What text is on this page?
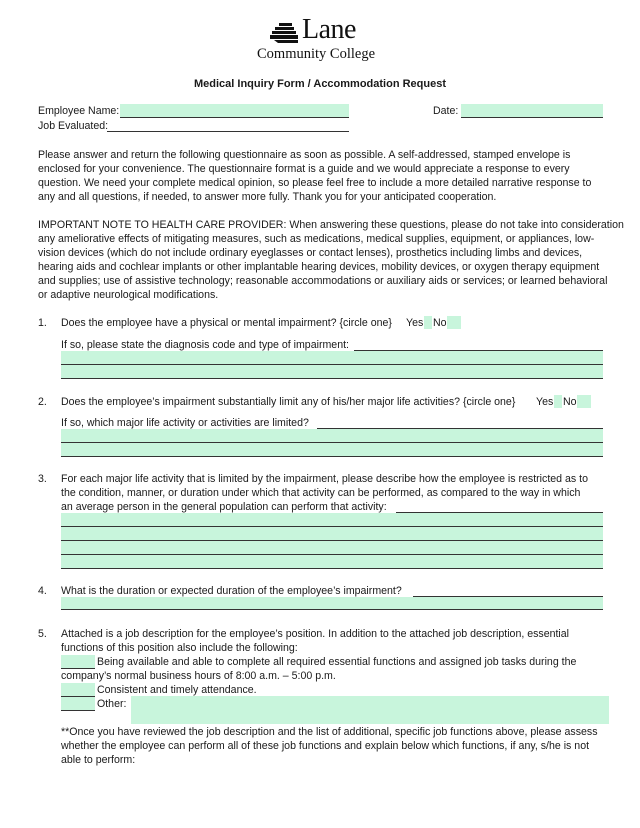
Lane
Community College
Medical Inquiry Form / Accommodation Request
Employee Name:
Job Evaluated:
Date:
Please answer and return the following questionnaire as soon as possible. A self-addressed, stamped envelope is
enclosed for your convenience. The questionnaire format is a guide and we would appreciate a response to every
question. We need your complete medical opinion, so please feel free to include a more detailed narrative response to
any and all questions, if needed, to answer more fully. Thank you for your anticipated cooperation.
IMPORTANT NOTE TO HEALTH CARE PROVIDER: When answering these questions, please do not take into consideration
any ameliorative effects of mitigating measures, such as medications, medical supplies, equipment, or appliances, low-
vision devices (which do not include ordinary eyeglasses or contact lenses), prosthetics including limbs and devices,
hearing aids and cochlear implants or other implantable hearing devices, mobility devices, or oxygen therapy equipment
and supplies; use of assistive technology; reasonable accommodations or auxiliary aids or services; or learned behavioral
or adaptive neurological modifications.
1. Does the employee have a physical or mental impairment? {circle one} Yes No
If so, please state the diagnosis code and type of impairment:
2. Does the employee’s impairment substantially limit any of his/her major life activities? {circle one} Yes No
If so, which major life activity or activities are limited?
3. For each major life activity that is limited by the impairment, please describe how the employee is restricted as to
the condition, manner, or duration under which that activity can be performed, as compared to the way in which
an average person in the general population can perform that activity:
4. What is the duration or expected duration of the employee’s impairment?
5. Attached is a job description for the employee’s position. In addition to the attached job description, essential
functions of this position also include the following:
Being available and able to complete all required essential functions and assigned job tasks during the
company’s normal business hours of 8:00 a.m. – 5:00 p.m.
Consistent and timely attendance.
Other:
**Once you have reviewed the job description and the list of additional, specific job functions above, please assess
whether the employee can perform all of these job functions and explain below which functions, if any, s/he is not
able to perform:
